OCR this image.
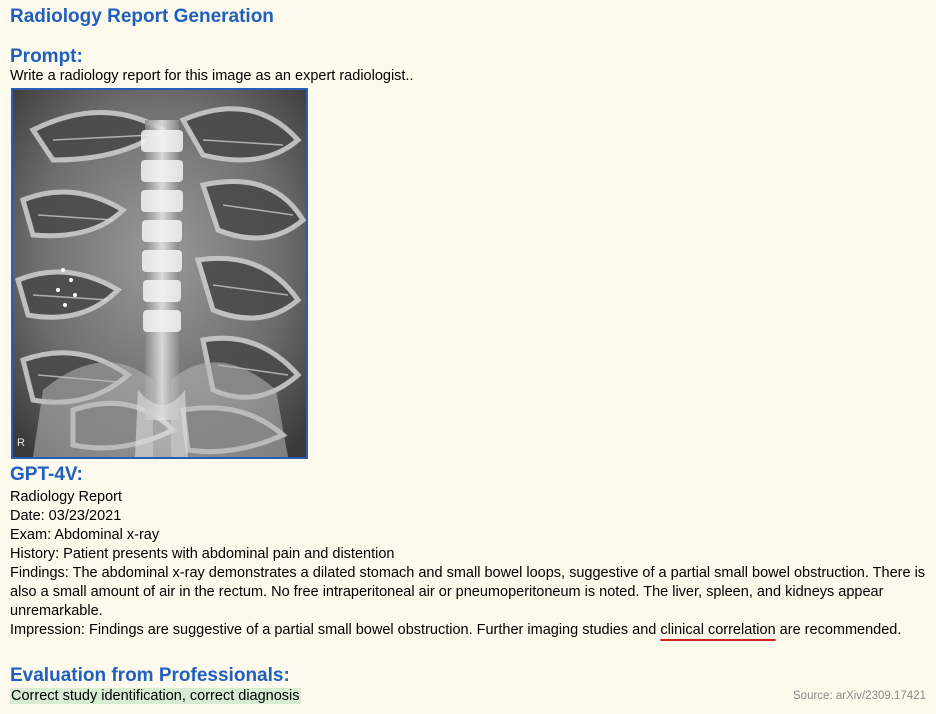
Radiology Report Generation
Prompt:
Write a radiology report for this image as an expert radiologist..
R
GPT-4V:
Radiology Report
Date: 03/23/2021
Exam: Abdominal x-ray
History: Patient presents with abdominal pain and distention
Findings: The abdominal x-ray demonstrates a dilated stomach and small bowel loops, suggestive of a partial small bowel obstruction. There is also a small amount of air in the rectum. No free intraperitoneal air or pneumoperitoneum is noted. The liver, spleen, and kidneys appear unremarkable.
Impression: Findings are suggestive of a partial small bowel obstruction. Further imaging studies and clinical correlation are recommended.
Evaluation from Professionals:
Correct study identification, correct diagnosis	Source: arXiv/2309.17421
